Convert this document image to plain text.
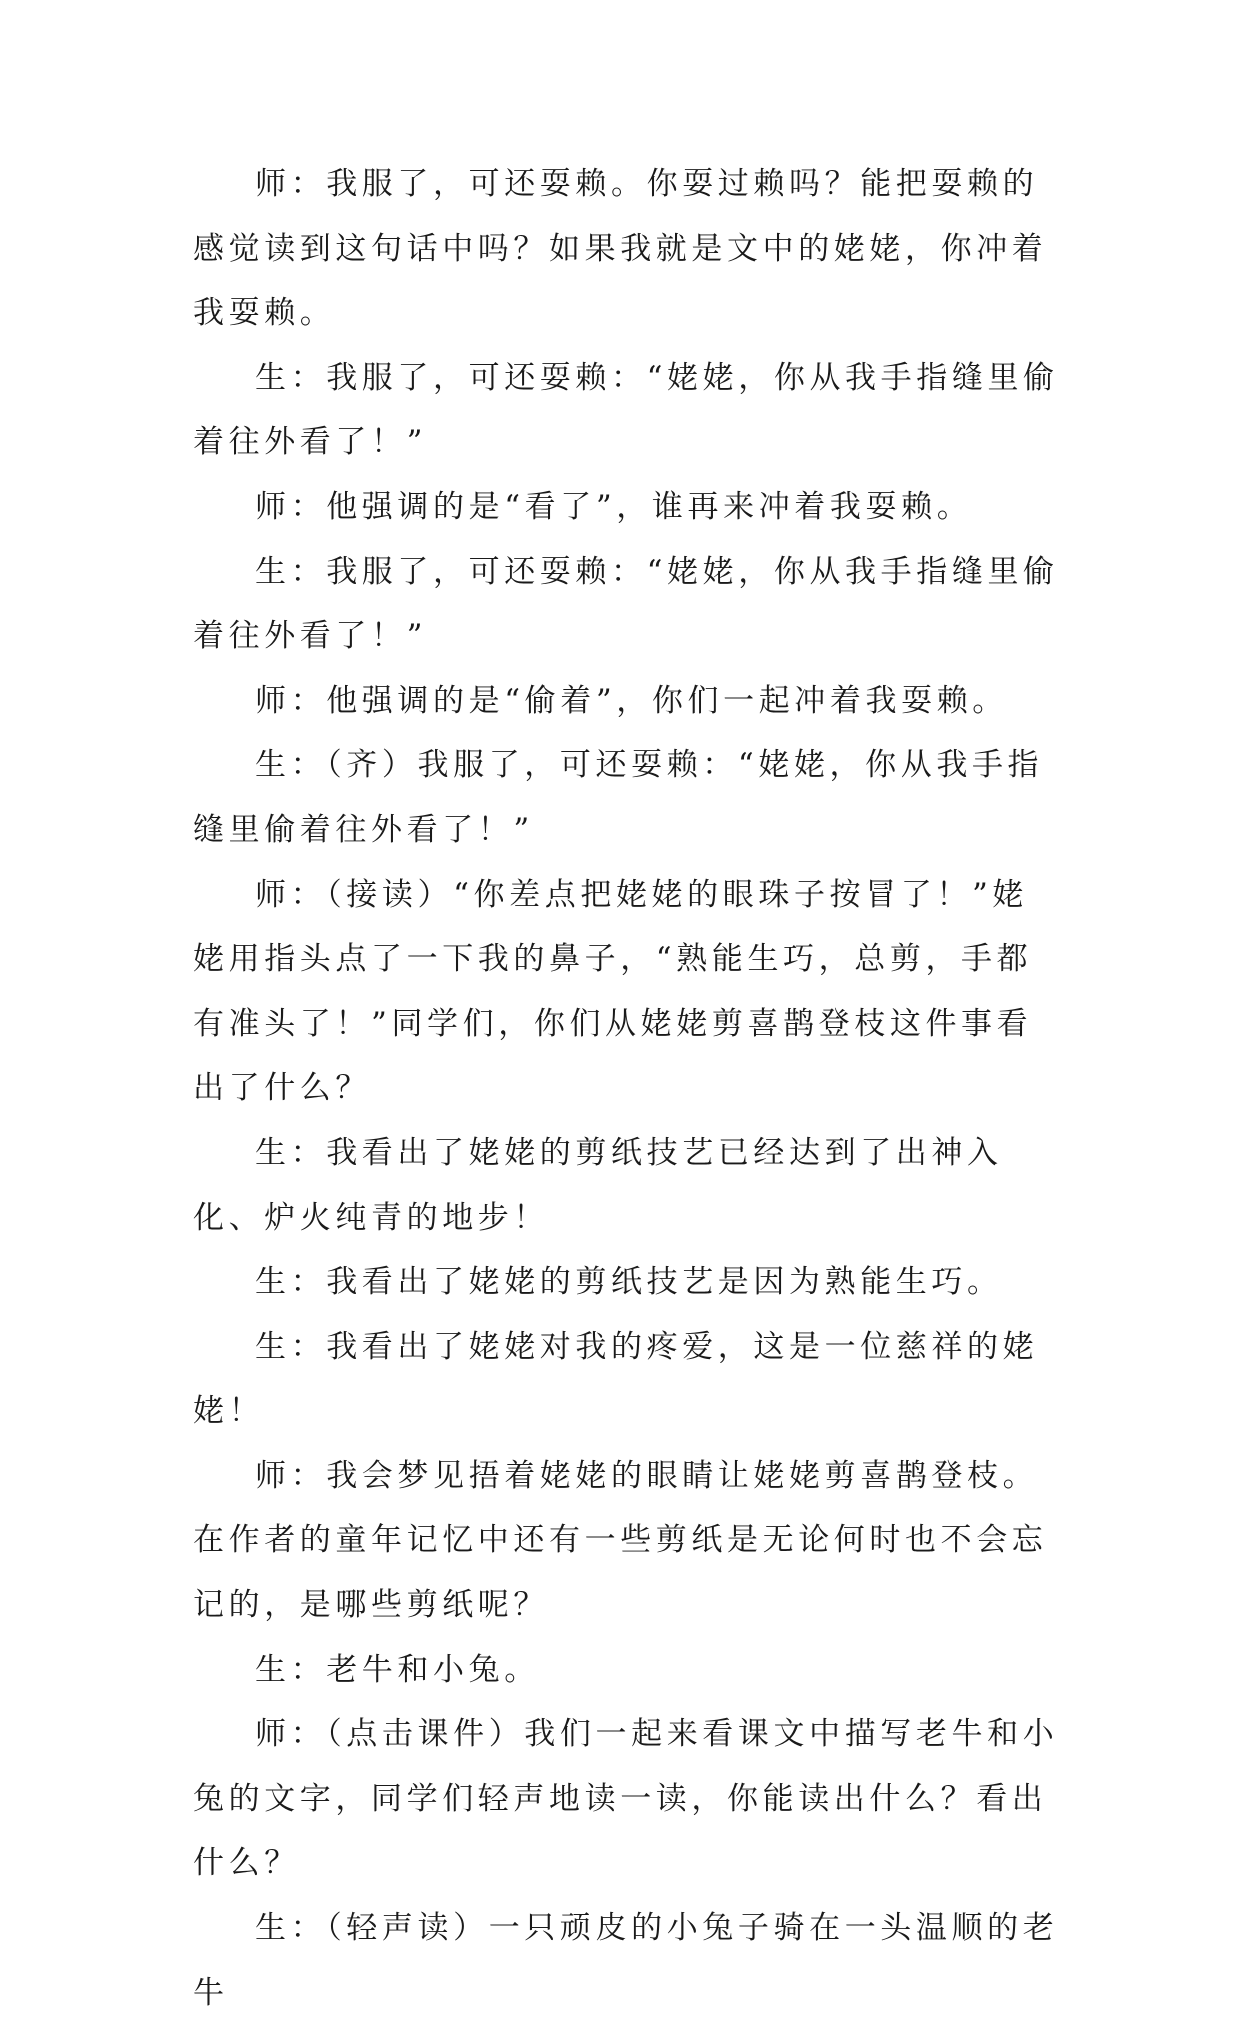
师：我服了，可还耍赖。你耍过赖吗？能把耍赖的感觉读到这句话中吗？如果我就是文中的姥姥，你冲着我耍赖。

生：我服了，可还耍赖：“姥姥，你从我手指缝里偷着往外看了！”

师：他强调的是“看了”，谁再来冲着我耍赖。

生：我服了，可还耍赖：“姥姥，你从我手指缝里偷着往外看了！”

师：他强调的是“偷着”，你们一起冲着我耍赖。

生：（齐）我服了，可还耍赖：“姥姥，你从我手指缝里偷着往外看了！”

师：（接读）“你差点把姥姥的眼珠子按冒了！”姥姥用指头点了一下我的鼻子，“熟能生巧，总剪，手都有准头了！”同学们，你们从姥姥剪喜鹊登枝这件事看出了什么？

生：我看出了姥姥的剪纸技艺已经达到了出神入化、炉火纯青的地步！

生：我看出了姥姥的剪纸技艺是因为熟能生巧。

生：我看出了姥姥对我的疼爱，这是一位慈祥的姥姥！

师：我会梦见捂着姥姥的眼睛让姥姥剪喜鹊登枝。在作者的童年记忆中还有一些剪纸是无论何时也不会忘记的，是哪些剪纸呢？

生：老牛和小兔。

师：（点击课件）我们一起来看课文中描写老牛和小兔的文字，同学们轻声地读一读，你能读出什么？看出什么？

生：（轻声读）一只顽皮的小兔子骑在一头温顺的老牛
